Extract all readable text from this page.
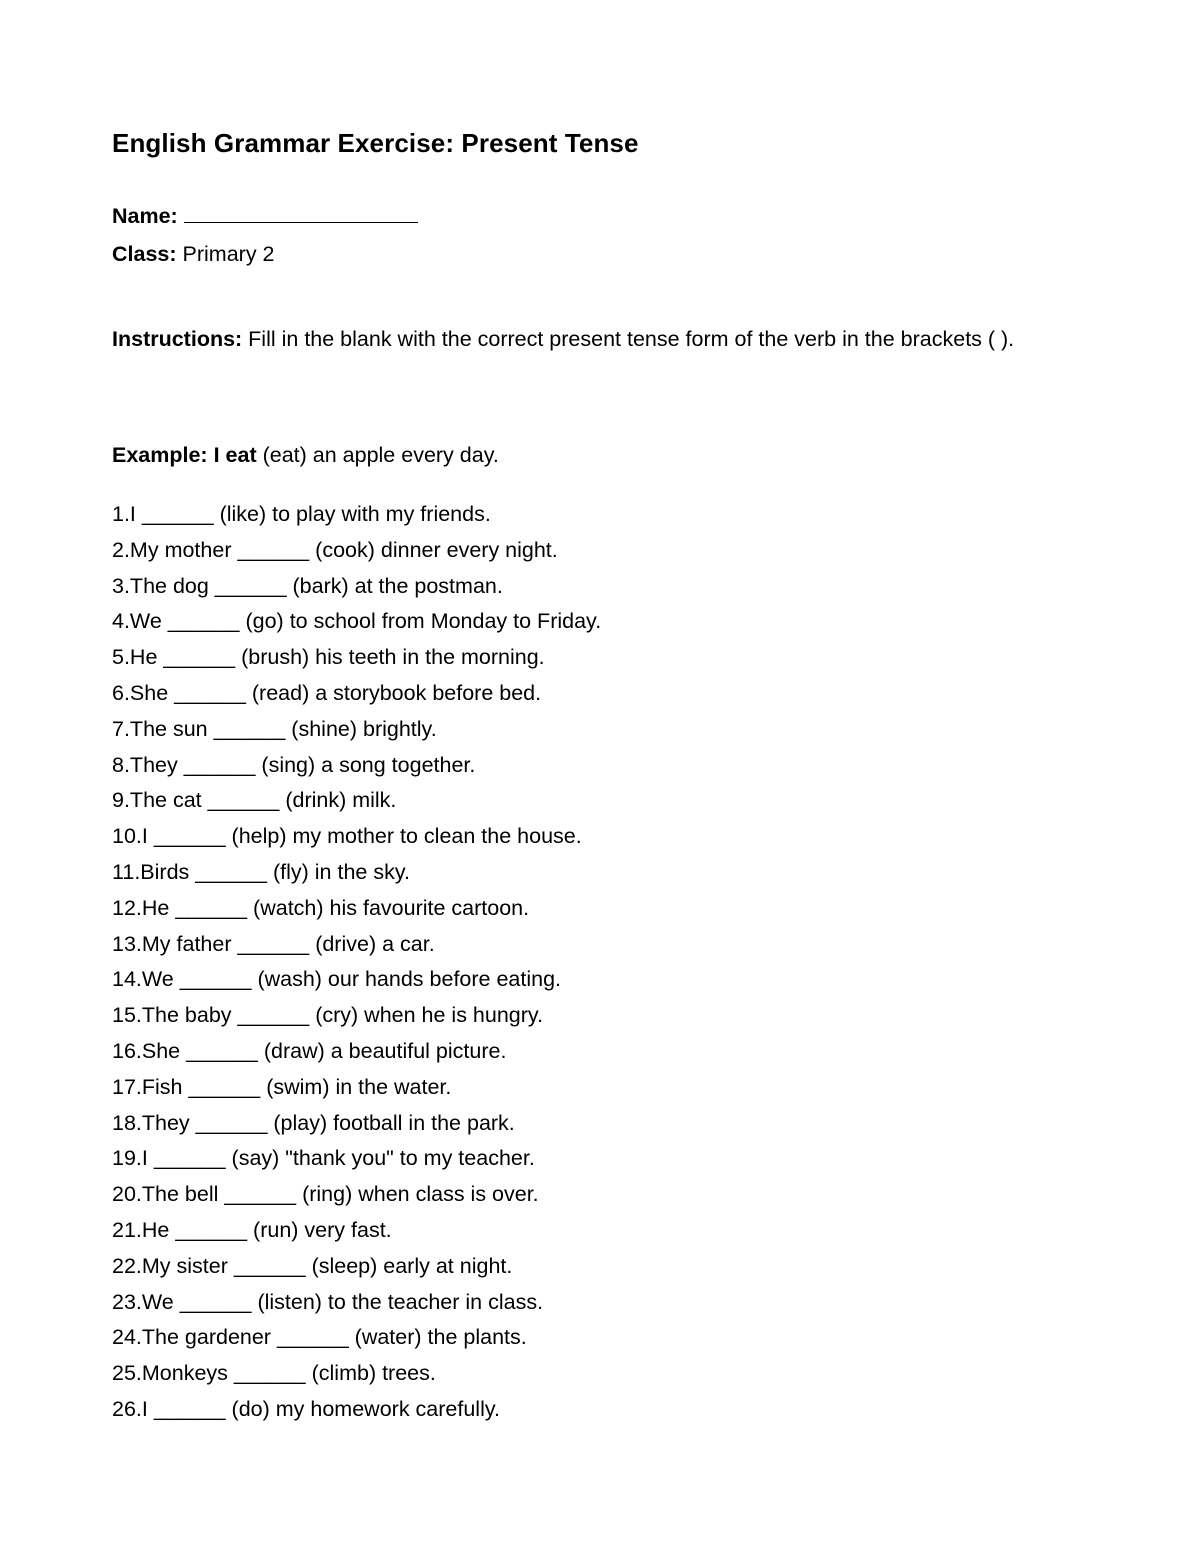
English Grammar Exercise: Present Tense
Name:
Class: Primary 2
Instructions: Fill in the blank with the correct present tense form of the verb in the brackets ( ).
Example: I eat (eat) an apple every day.
1.I ______ (like) to play with my friends.
2.My mother ______ (cook) dinner every night.
3.The dog ______ (bark) at the postman.
4.We ______ (go) to school from Monday to Friday.
5.He ______ (brush) his teeth in the morning.
6.She ______ (read) a storybook before bed.
7.The sun ______ (shine) brightly.
8.They ______ (sing) a song together.
9.The cat ______ (drink) milk.
10.I ______ (help) my mother to clean the house.
11.Birds ______ (fly) in the sky.
12.He ______ (watch) his favourite cartoon.
13.My father ______ (drive) a car.
14.We ______ (wash) our hands before eating.
15.The baby ______ (cry) when he is hungry.
16.She ______ (draw) a beautiful picture.
17.Fish ______ (swim) in the water.
18.They ______ (play) football in the park.
19.I ______ (say) "thank you" to my teacher.
20.The bell ______ (ring) when class is over.
21.He ______ (run) very fast.
22.My sister ______ (sleep) early at night.
23.We ______ (listen) to the teacher in class.
24.The gardener ______ (water) the plants.
25.Monkeys ______ (climb) trees.
26.I ______ (do) my homework carefully.
